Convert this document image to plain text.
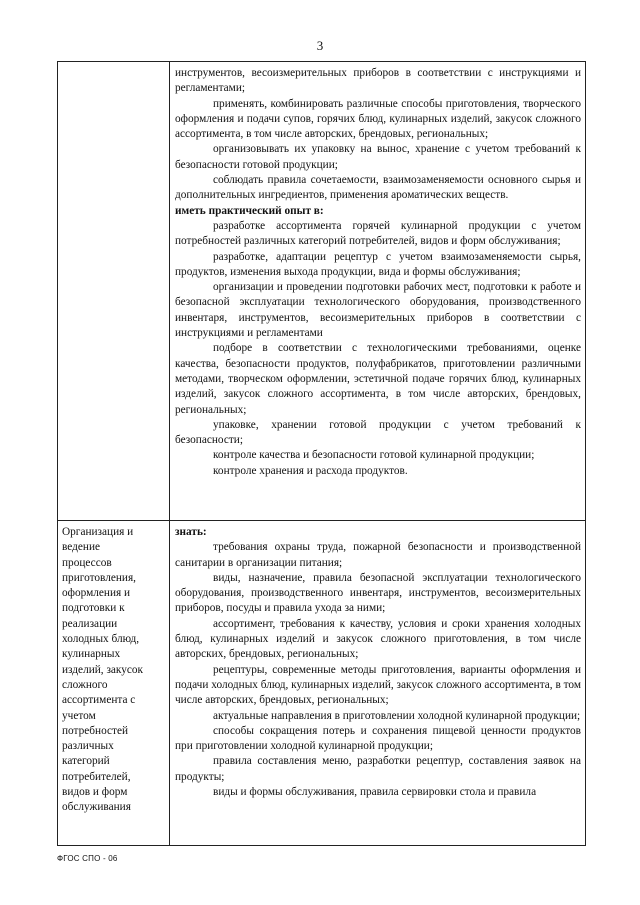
3

инструментов, весоизмерительных приборов в соответствии с инструкциями и регламентами;

применять, комбинировать различные способы приготовления, творческого оформления и подачи супов, горячих блюд, кулинарных изделий, закусок сложного ассортимента, в том числе авторских, брендовых, региональных;

организовывать их упаковку на вынос, хранение с учетом требований к безопасности готовой продукции;

соблюдать правила сочетаемости, взаимозаменяемости основного сырья и дополнительных ингредиентов, применения ароматических веществ.

иметь практический опыт в:

разработке ассортимента горячей кулинарной продукции с учетом потребностей различных категорий потребителей, видов и форм обслуживания;

разработке, адаптации рецептур с учетом взаимозаменяемости сырья, продуктов, изменения выхода продукции, вида и формы обслуживания;

организации и проведении подготовки рабочих мест, подготовки к работе и безопасной эксплуатации технологического оборудования, производственного инвентаря, инструментов, весоизмерительных приборов в соответствии с инструкциями и регламентами

подборе в соответствии с технологическими требованиями, оценке качества, безопасности продуктов, полуфабрикатов, приготовлении различными методами, творческом оформлении, эстетичной подаче горячих блюд, кулинарных изделий, закусок сложного ассортимента, в том числе авторских, брендовых, региональных;

упаковке, хранении готовой продукции с учетом требований к безопасности;

контроле качества и безопасности готовой кулинарной продукции;

контроле хранения и расхода продуктов.

Организация и
ведение
процессов
приготовления,
оформления и
подготовки к
реализации
холодных блюд,
кулинарных
изделий, закусок
сложного
ассортимента с
учетом
потребностей
различных
категорий
потребителей,
видов и форм
обслуживания

знать:

требования охраны труда, пожарной безопасности и производственной санитарии в организации питания;

виды, назначение, правила безопасной эксплуатации технологического оборудования, производственного инвентаря, инструментов, весоизмерительных приборов, посуды и правила ухода за ними;

ассортимент, требования к качеству, условия и сроки хранения холодных блюд, кулинарных изделий и закусок сложного приготовления, в том числе авторских, брендовых, региональных;

рецептуры, современные методы приготовления, варианты оформления и подачи холодных блюд, кулинарных изделий, закусок сложного ассортимента, в том числе авторских, брендовых, региональных;

актуальные направления в приготовлении холодной кулинарной продукции;

способы сокращения потерь и сохранения пищевой ценности продуктов при приготовлении холодной кулинарной продукции;

правила составления меню, разработки рецептур, составления заявок на продукты;

виды и формы обслуживания, правила сервировки стола и правила

ФГОС СПО - 06
